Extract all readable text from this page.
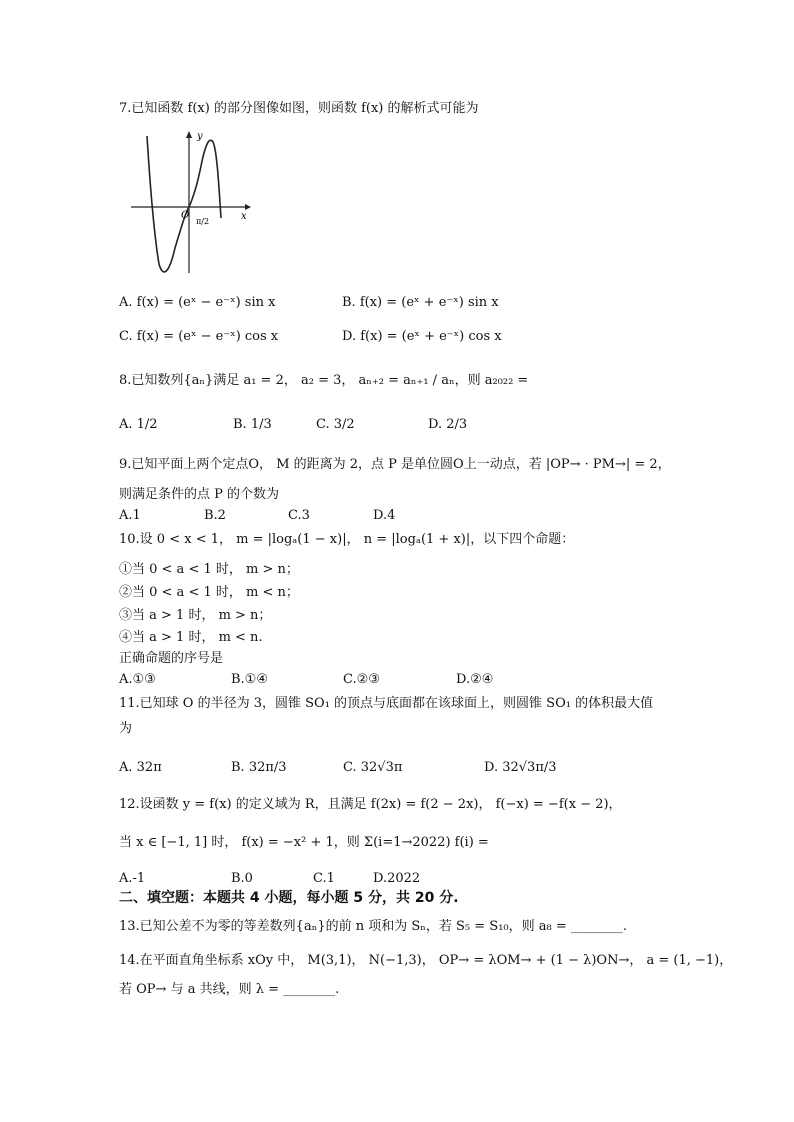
7.已知函数 f(x) 的部分图像如图，则函数 f(x) 的解析式可能为
y
x
O
π/2
A. f(x) = (eˣ − e⁻ˣ) sin x	B. f(x) = (eˣ + e⁻ˣ) sin x
C. f(x) = (eˣ − e⁻ˣ) cos x	D. f(x) = (eˣ + e⁻ˣ) cos x
8.已知数列{aₙ}满足 a₁ = 2， a₂ = 3， aₙ₊₂ = aₙ₊₁ / aₙ，则 a₂₀₂₂ =
A. 1/2	B. 1/3	C. 3/2	D. 2/3
9.已知平面上两个定点O， M 的距离为 2，点 P 是单位圆O上一动点，若 |OP→ · PM→| = 2，
则满足条件的点 P 的个数为
A.1	B.2	C.3	D.4
10.设 0 < x < 1， m = |logₐ(1 − x)|， n = |logₐ(1 + x)|，以下四个命题：
①当 0 < a < 1 时， m > n；
②当 0 < a < 1 时， m < n；
③当 a > 1 时， m > n；
④当 a > 1 时， m < n.
正确命题的序号是
A.①③	B.①④	C.②③	D.②④
11.已知球 O 的半径为 3，圆锥 SO₁ 的顶点与底面都在该球面上，则圆锥 SO₁ 的体积最大值
为
A. 32π	B. 32π/3	C. 32√3π	D. 32√3π/3
12.设函数 y = f(x) 的定义域为 R，且满足 f(2x) = f(2 − 2x)， f(−x) = −f(x − 2)，
当 x ∈ [−1, 1] 时， f(x) = −x² + 1，则 Σ(i=1→2022) f(i) =
A.-1	B.0	C.1	D.2022
二、填空题：本题共 4 小题，每小题 5 分，共 20 分.
13.已知公差不为零的等差数列{aₙ}的前 n 项和为 Sₙ，若 S₅ = S₁₀，则 a₈ = ________.
14.在平面直角坐标系 xOy 中， M(3,1)， N(−1,3)， OP→ = λOM→ + (1 − λ)ON→， a = (1, −1)，
若 OP→ 与 a 共线，则 λ = ________.
